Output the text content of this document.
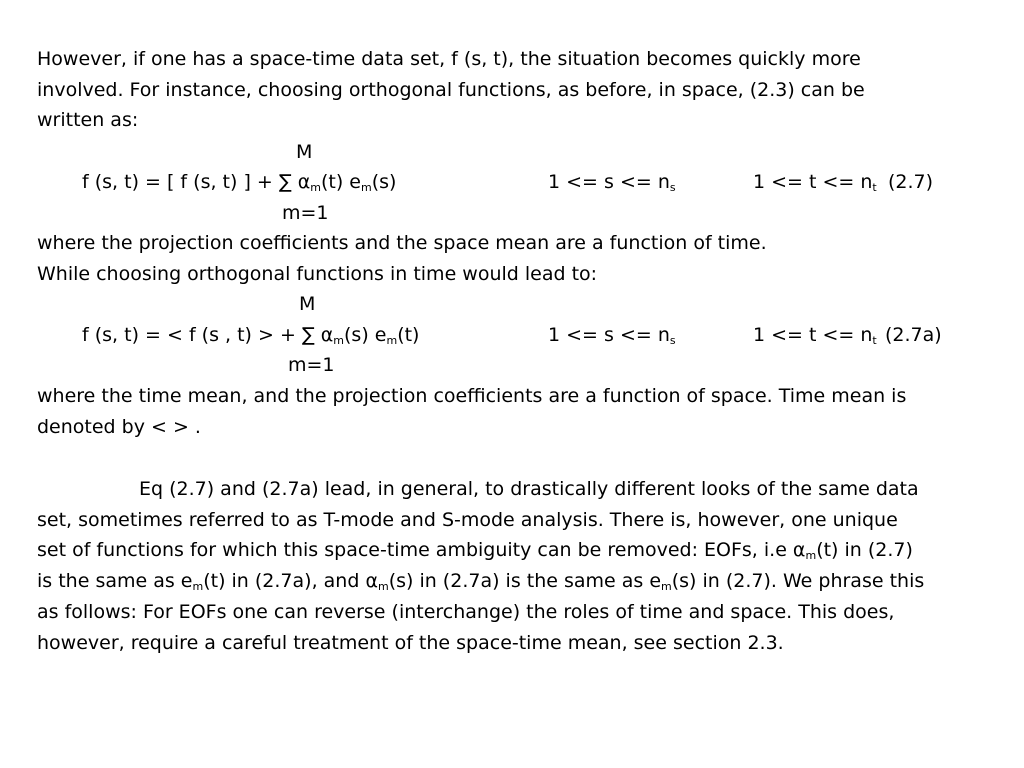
However, if one has a space-time data set, f (s, t), the situation becomes quickly more
involved. For instance, choosing orthogonal functions, as before, in space, (2.3) can be
written as:
M
f (s, t) = [ f (s, t) ] + ∑ $\alpha_m(t)$ $e_m(s)$	$1 <= s <= n_s$	$1 <= t <= n_t$ (2.7)
m=1
where the projection coefficients and the space mean are a function of time.
While choosing orthogonal functions in time would lead to:
M
f (s, t) = < f (s , t) > + ∑ $\alpha_m(s)$ $e_m(t)$	$1 <= s <= n_s$	$1 <= t <= n_t$ (2.7a)
m=1
where the time mean, and the projection coefficients are a function of space. Time mean is
denoted by < > .
Eq (2.7) and (2.7a) lead, in general, to drastically different looks of the same data
set, sometimes referred to as T-mode and S-mode analysis. There is, however, one unique
set of functions for which this space-time ambiguity can be removed: EOFs, i.e $\alpha_m(t)$ in (2.7)
is the same as $e_m(t)$ in (2.7a), and $\alpha_m(s)$ in (2.7a) is the same as $e_m(s)$ in (2.7). We phrase this
as follows: For EOFs one can reverse (interchange) the roles of time and space. This does,
however, require a careful treatment of the space-time mean, see section 2.3.
